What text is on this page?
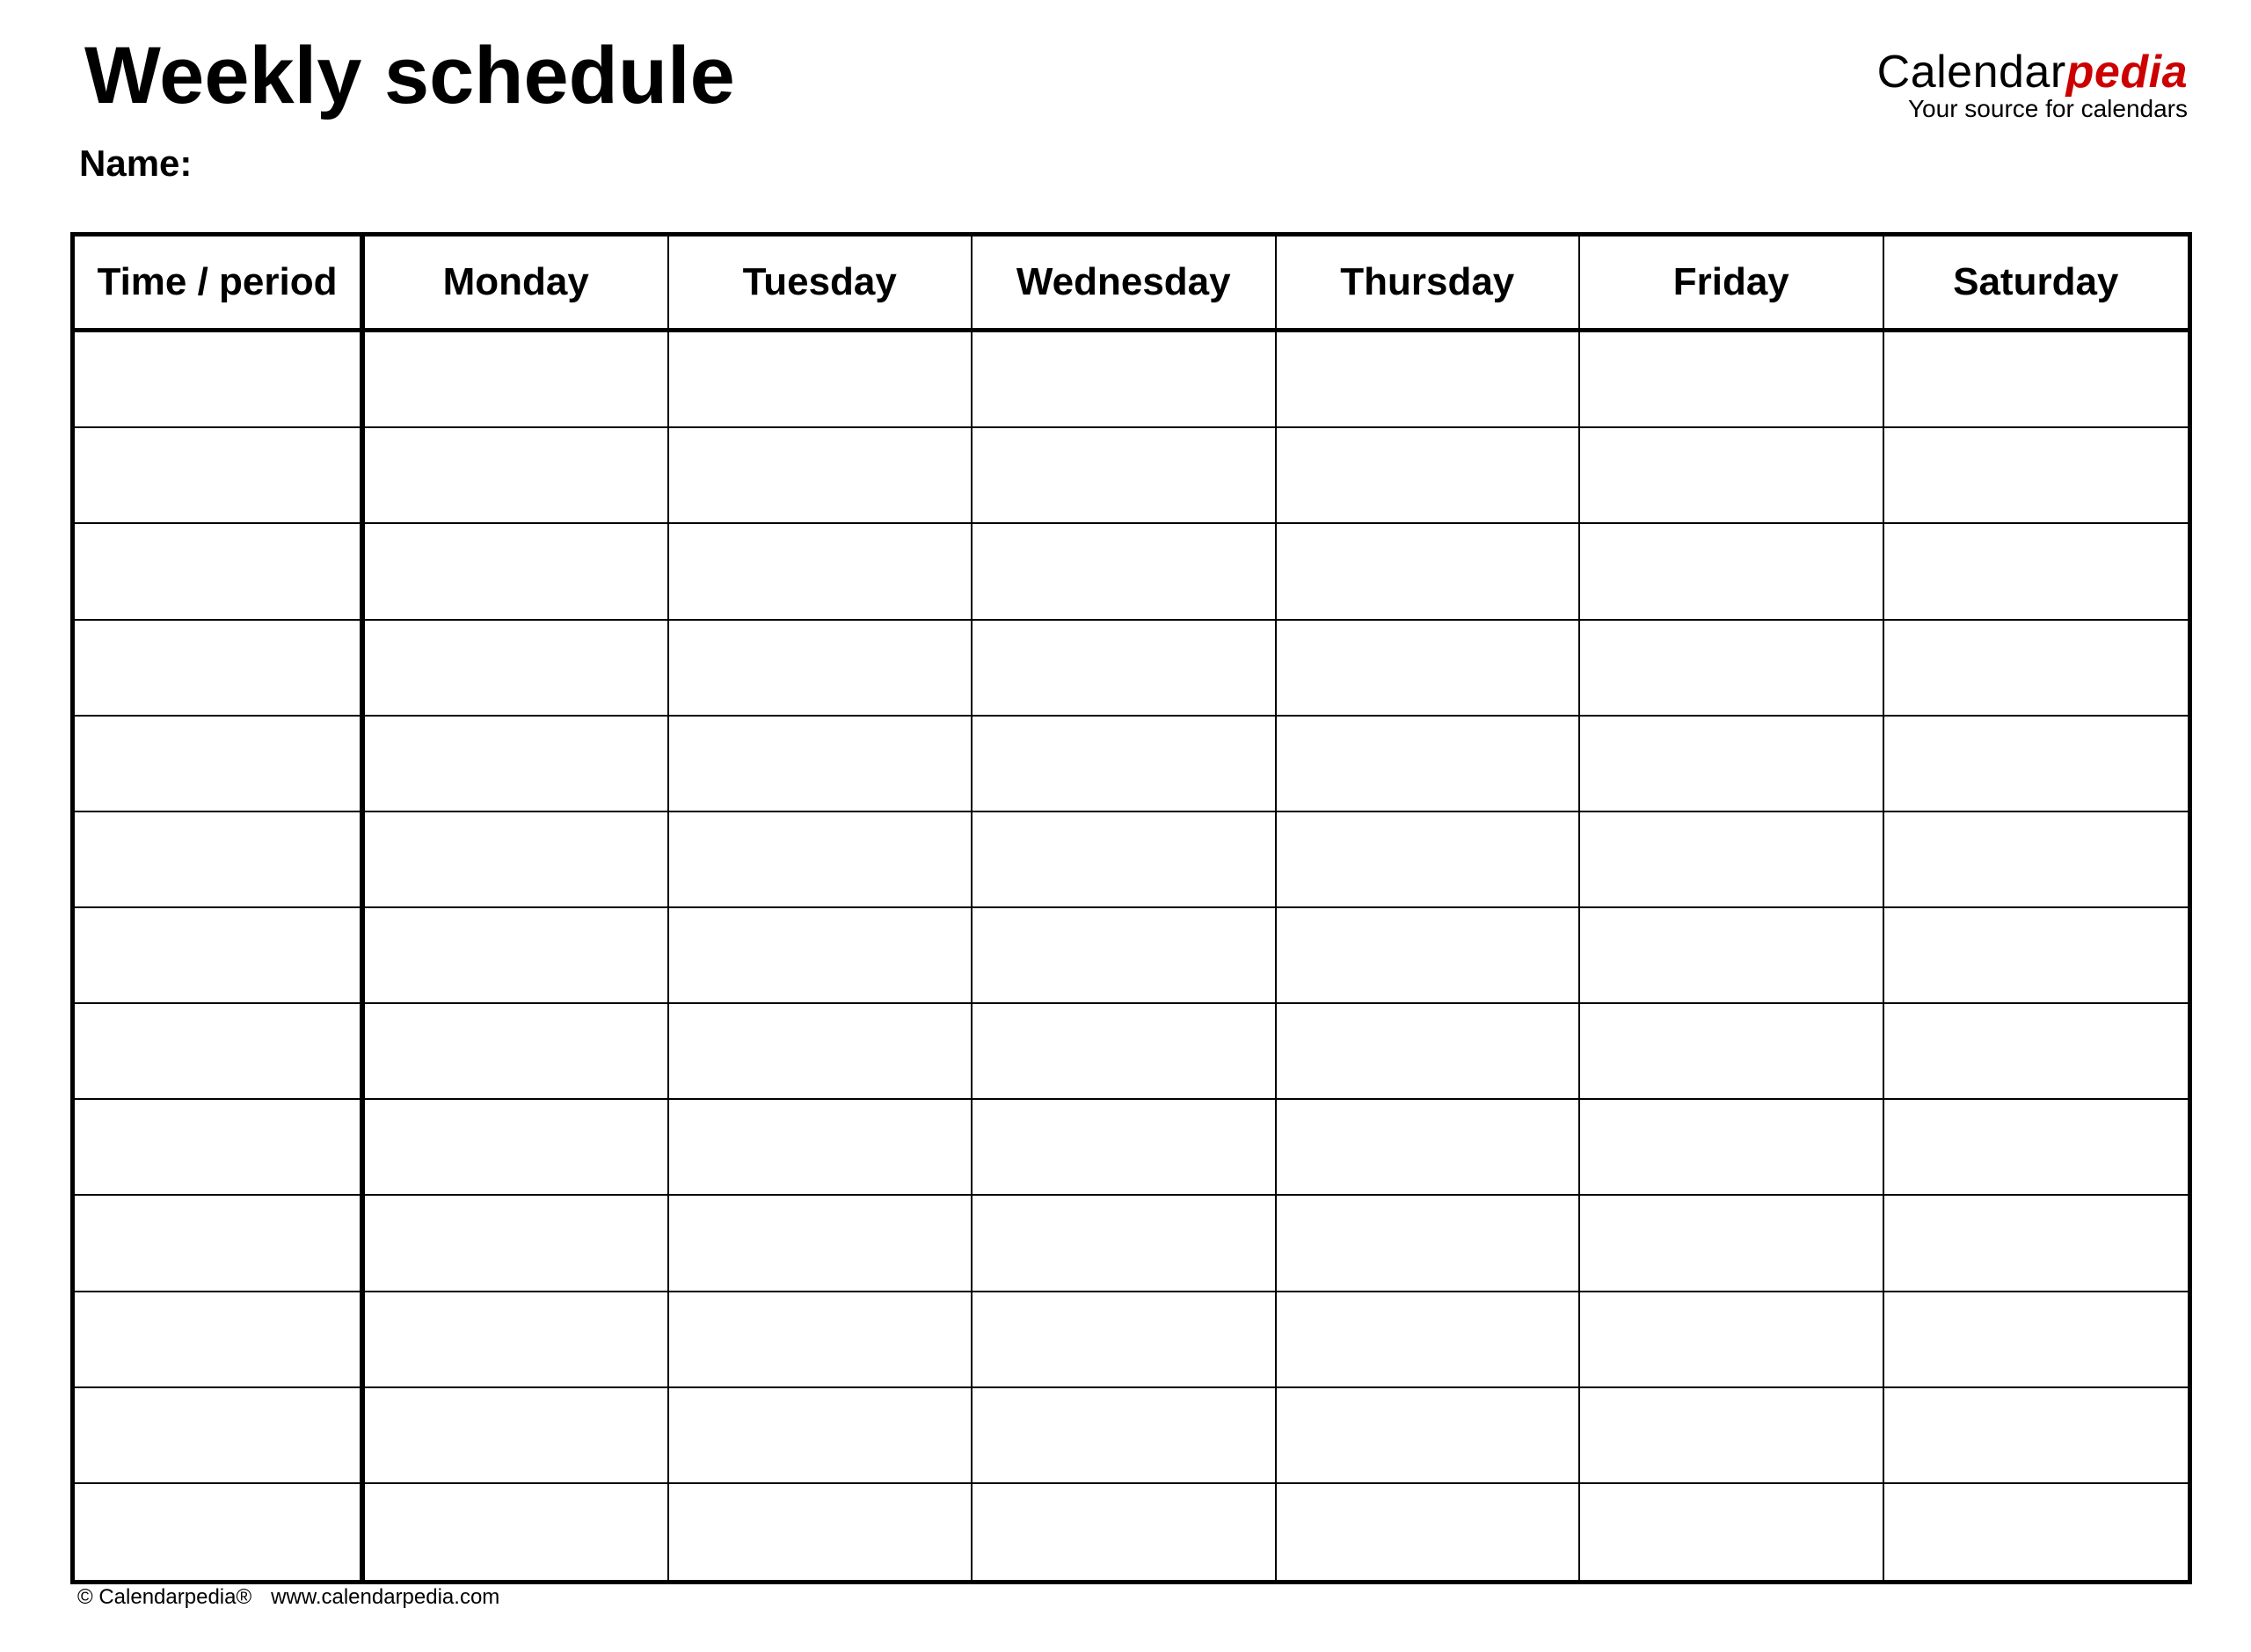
Weekly schedule
Name:
Calendarpedia
Your source for calendars
Time / period	Monday	Tuesday	Wednesday	Thursday	Friday	Saturday
© Calendarpedia® www.calendarpedia.com
